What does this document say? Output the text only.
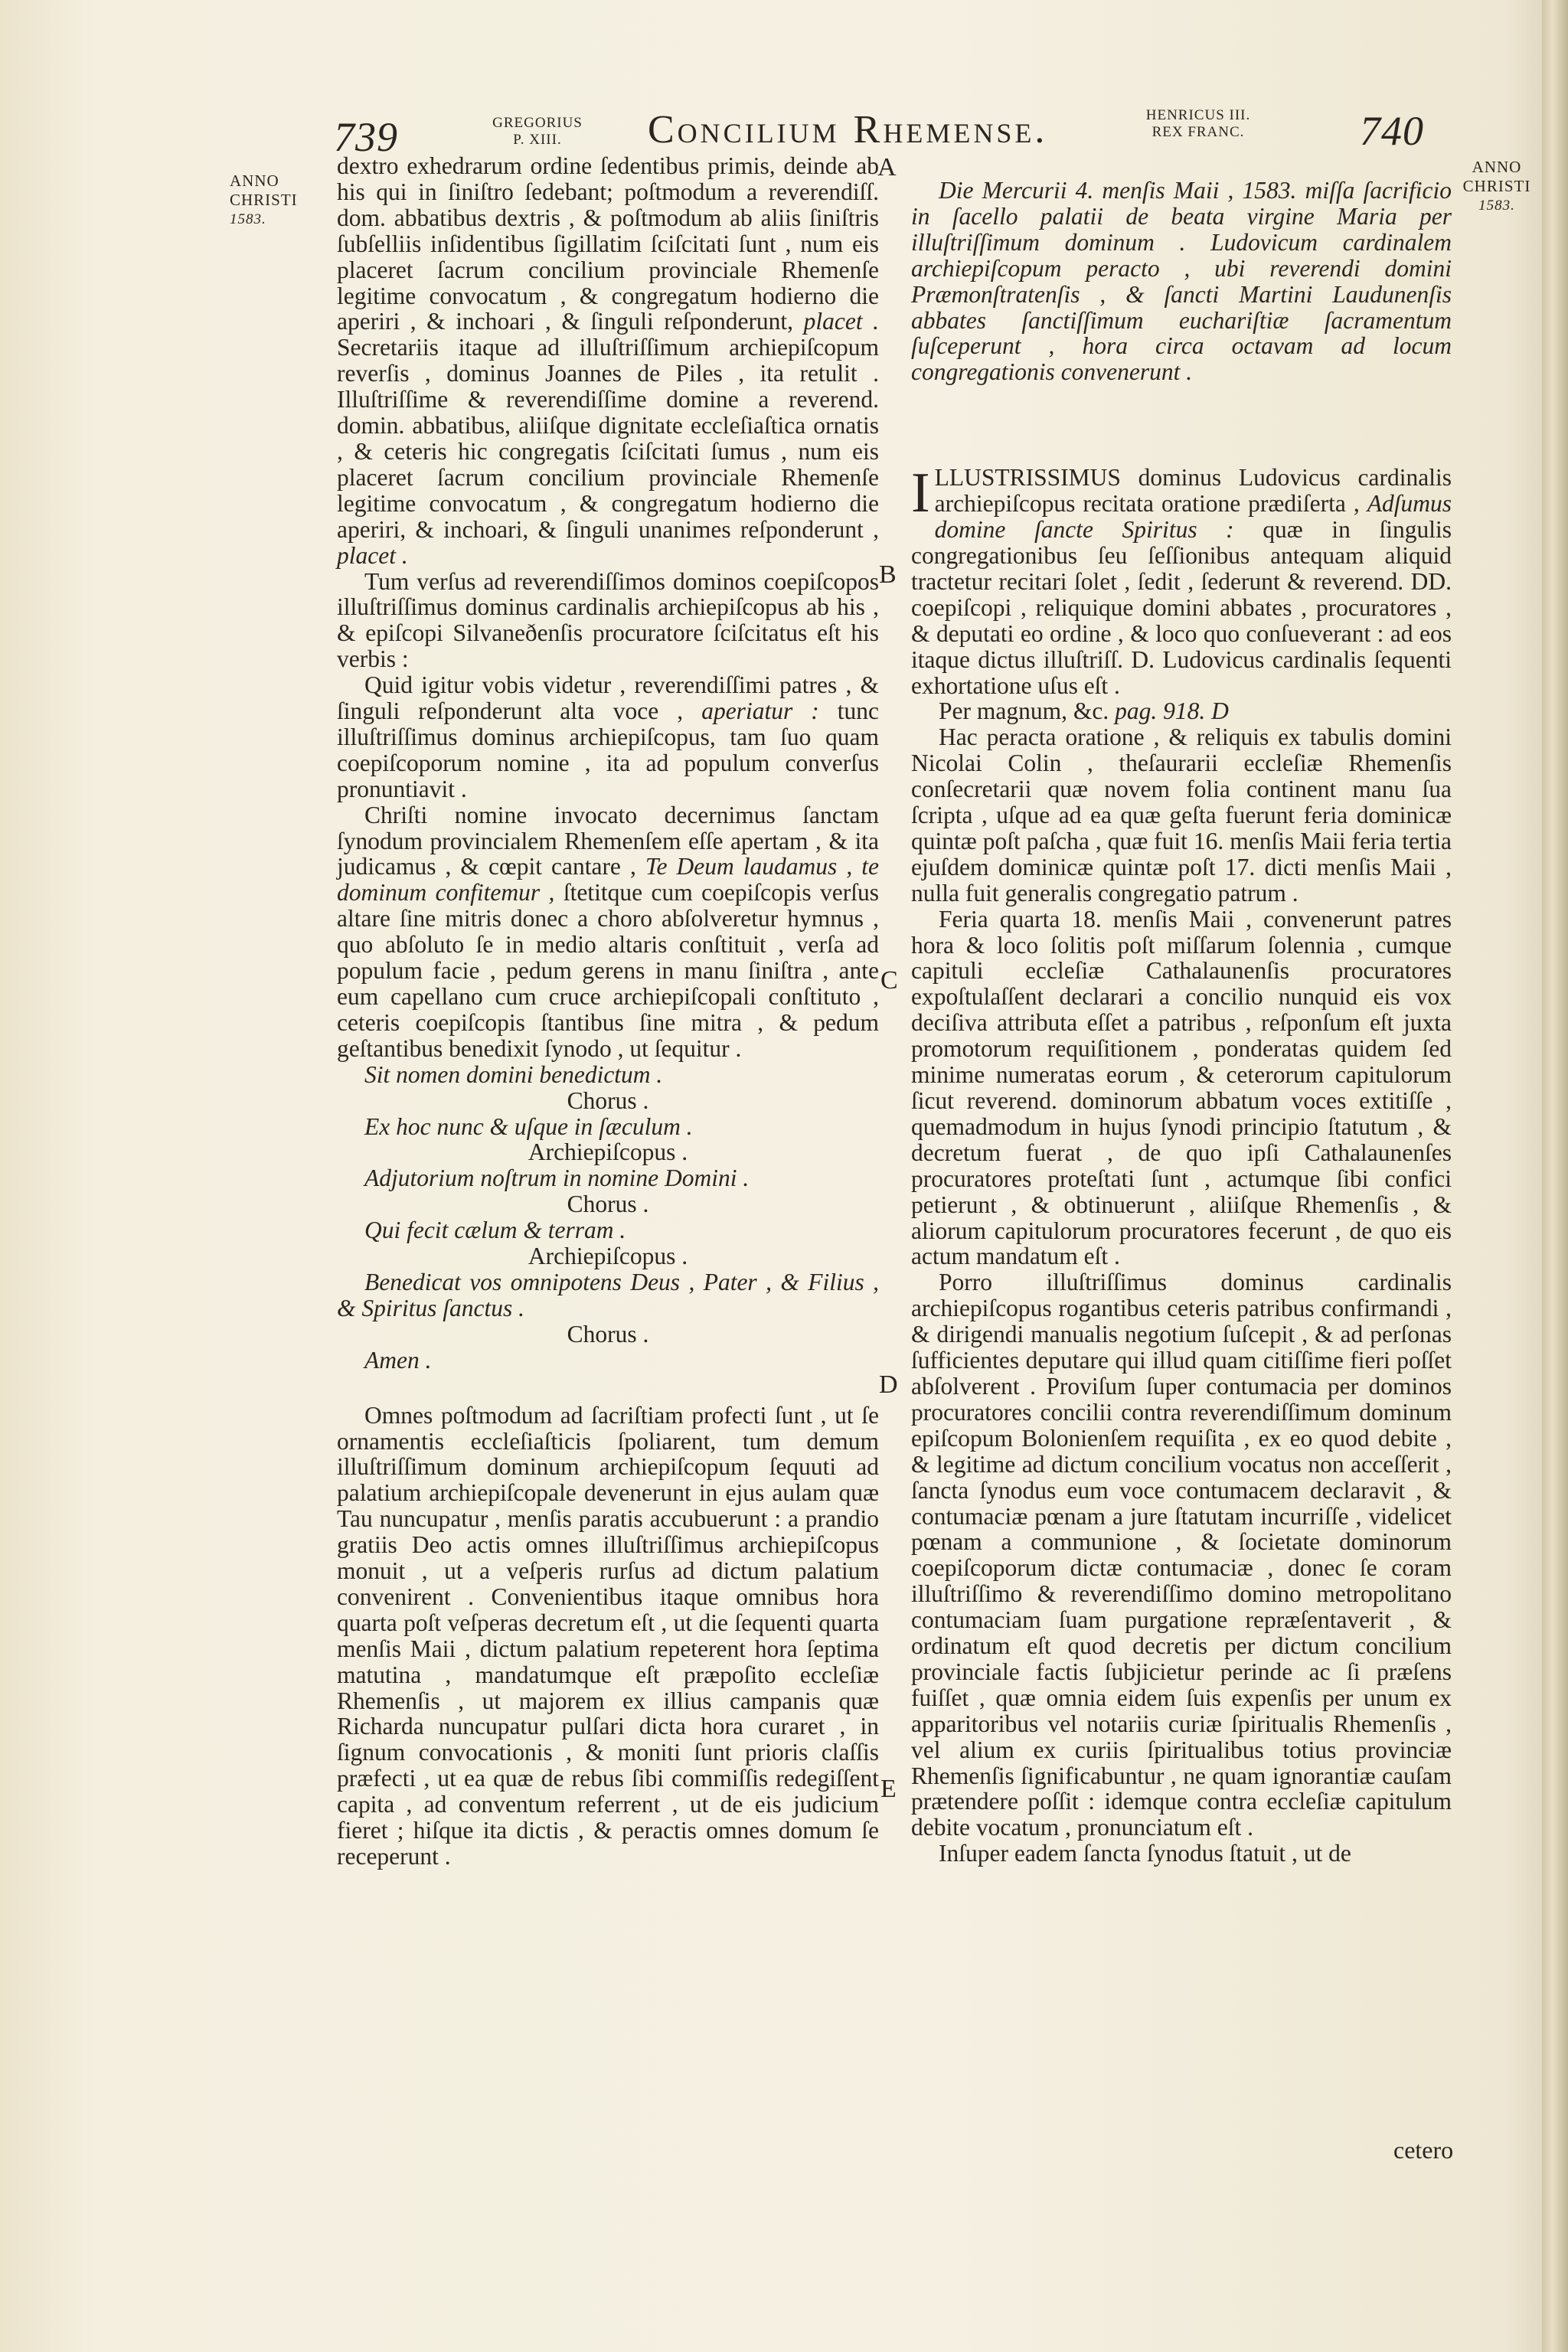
739	GREGORIUS
P. XIII.	Concilium Rhemense.	HENRICUS III.
REX FRANC.	740
ANNO
CHRISTI
1583.
ANNO
CHRISTI
1583.
A
B
C
D
E

dextro exhedrarum ordine ſedentibus primis, deinde ab his qui in ſiniſtro ſedebant; poſtmodum a reverendiſſ. dom. abbatibus dextris , & poſtmodum ab aliis ſiniſtris ſubſelliis inſidentibus ſigillatim ſciſcitati ſunt , num eis placeret ſacrum concilium provinciale Rhemenſe legitime convocatum , & congregatum hodierno die aperiri , & inchoari , & ſinguli reſponderunt, placet . Secretariis itaque ad illuſtriſſimum archiepiſcopum reverſis , dominus Joannes de Piles , ita retulit . Illuſtriſſime & reverendiſſime domine a reverend. domin. abbatibus, aliiſque dignitate eccleſiaſtica ornatis , & ceteris hic congregatis ſciſcitati ſumus , num eis placeret ſacrum concilium provinciale Rhemenſe legitime convocatum , & congregatum hodierno die aperiri, & inchoari, & ſinguli unanimes reſponderunt , placet .

Tum verſus ad reverendiſſimos dominos coepiſcopos illuſtriſſimus dominus cardinalis archiepiſcopus ab his , & epiſcopi Silvaneðenſis procuratore ſciſcitatus eſt his verbis :

Quid igitur vobis videtur , reverendiſſimi patres , & ſinguli reſponderunt alta voce , aperiatur : tunc illuſtriſſimus dominus archiepiſcopus, tam ſuo quam coepiſcoporum nomine , ita ad populum converſus pronuntiavit .

Chriſti nomine invocato decernimus ſanctam ſynodum provincialem Rhemenſem eſſe apertam , & ita judicamus , & cœpit cantare , Te Deum laudamus , te dominum confitemur , ſtetitque cum coepiſcopis verſus altare ſine mitris donec a choro abſolveretur hymnus , quo abſoluto ſe in medio altaris conſtituit , verſa ad populum facie , pedum gerens in manu ſiniſtra , ante eum capellano cum cruce archiepiſcopali conſtituto , ceteris coepiſcopis ſtantibus ſine mitra , & pedum geſtantibus benedixit ſynodo , ut ſequitur .

Sit nomen domini benedictum .

Chorus .

Ex hoc nunc & uſque in ſæculum .

Archiepiſcopus .

Adjutorium noſtrum in nomine Domini .

Chorus .

Qui fecit cælum & terram .

Archiepiſcopus .

Benedicat vos omnipotens Deus , Pater , & Filius , & Spiritus ſanctus .

Chorus .

Amen .

Omnes poſtmodum ad ſacriſtiam profecti ſunt , ut ſe ornamentis eccleſiaſticis ſpoliarent, tum demum illuſtriſſimum dominum archiepiſcopum ſequuti ad palatium archiepiſcopale devenerunt in ejus aulam quæ Tau nuncupatur , menſis paratis accubuerunt : a prandio gratiis Deo actis omnes illuſtriſſimus archiepiſcopus monuit , ut a veſperis rurſus ad dictum palatium convenirent . Convenientibus itaque omnibus hora quarta poſt veſperas decretum eſt , ut die ſequenti quarta menſis Maii , dictum palatium repeterent hora ſeptima matutina , mandatumque eſt præpoſito eccleſiæ Rhemenſis , ut majorem ex illius campanis quæ Richarda nuncupatur pulſari dicta hora curaret , in ſignum convocationis , & moniti ſunt prioris claſſis præfecti , ut ea quæ de rebus ſibi commiſſis redegiſſent capita , ad conventum referrent , ut de eis judicium fieret ; hiſque ita dictis , & peractis omnes domum ſe receperunt .

Die Mercurii 4. menſis Maii , 1583. miſſa ſacrificio in ſacello palatii de beata virgine Maria per illuſtriſſimum dominum . Ludovicum cardinalem archiepiſcopum peracto , ubi reverendi domini Præmonſtratenſis , & ſancti Martini Laudunenſis abbates ſanctiſſimum euchariſtiæ ſacramentum ſuſceperunt , hora circa octavam ad locum congregationis convenerunt .

ILLUSTRISSIMUS dominus Ludovicus cardinalis archiepiſcopus recitata oratione prædiſerta , Adſumus domine ſancte Spiritus : quæ in ſingulis congregationibus ſeu ſeſſionibus antequam aliquid tractetur recitari ſolet , ſedit , ſederunt & reverend. DD. coepiſcopi , reliquique domini abbates , procuratores , & deputati eo ordine , & loco quo conſueverant : ad eos itaque dictus illuſtriſſ. D. Ludovicus cardinalis ſequenti exhortatione uſus eſt .

Per magnum, &c. pag. 918. D

Hac peracta oratione , & reliquis ex tabulis domini Nicolai Colin , theſaurarii eccleſiæ Rhemenſis conſecretarii quæ novem folia continent manu ſua ſcripta , uſque ad ea quæ geſta fuerunt feria dominicæ quintæ poſt paſcha , quæ fuit 16. menſis Maii feria tertia ejuſdem dominicæ quintæ poſt 17. dicti menſis Maii , nulla fuit generalis congregatio patrum .

Feria quarta 18. menſis Maii , convenerunt patres hora & loco ſolitis poſt miſſarum ſolennia , cumque capituli eccleſiæ Cathalaunenſis procuratores expoſtulaſſent declarari a concilio nunquid eis vox deciſiva attributa eſſet a patribus , reſponſum eſt juxta promotorum requiſitionem , ponderatas quidem ſed minime numeratas eorum , & ceterorum capitulorum ſicut reverend. dominorum abbatum voces extitiſſe , quemadmodum in hujus ſynodi principio ſtatutum , & decretum fuerat , de quo ipſi Cathalaunenſes procuratores proteſtati ſunt , actumque ſibi confici petierunt , & obtinuerunt , aliiſque Rhemenſis , & aliorum capitulorum procuratores fecerunt , de quo eis actum mandatum eſt .

Porro illuſtriſſimus dominus cardinalis archiepiſcopus rogantibus ceteris patribus confirmandi , & dirigendi manualis negotium ſuſcepit , & ad perſonas ſufficientes deputare qui illud quam citiſſime fieri poſſet abſolverent . Proviſum ſuper contumacia per dominos procuratores concilii contra reverendiſſimum dominum epiſcopum Bolonienſem requiſita , ex eo quod debite , & legitime ad dictum concilium vocatus non acceſſerit , ſancta ſynodus eum voce contumacem declaravit , & contumaciæ pœnam a jure ſtatutam incurriſſe , videlicet pœnam a communione , & ſocietate dominorum coepiſcoporum dictæ contumaciæ , donec ſe coram illuſtriſſimo & reverendiſſimo domino metropolitano contumaciam ſuam purgatione repræſentaverit , & ordinatum eſt quod decretis per dictum concilium provinciale factis ſubjicietur perinde ac ſi præſens fuiſſet , quæ omnia eidem ſuis expenſis per unum ex apparitoribus vel notariis curiæ ſpiritualis Rhemenſis , vel alium ex curiis ſpiritualibus totius provinciæ Rhemenſis ſignificabuntur , ne quam ignorantiæ cauſam prætendere poſſit : idemque contra eccleſiæ capitulum debite vocatum , pronunciatum eſt .

Inſuper eadem ſancta ſynodus ſtatuit , ut de

cetero
